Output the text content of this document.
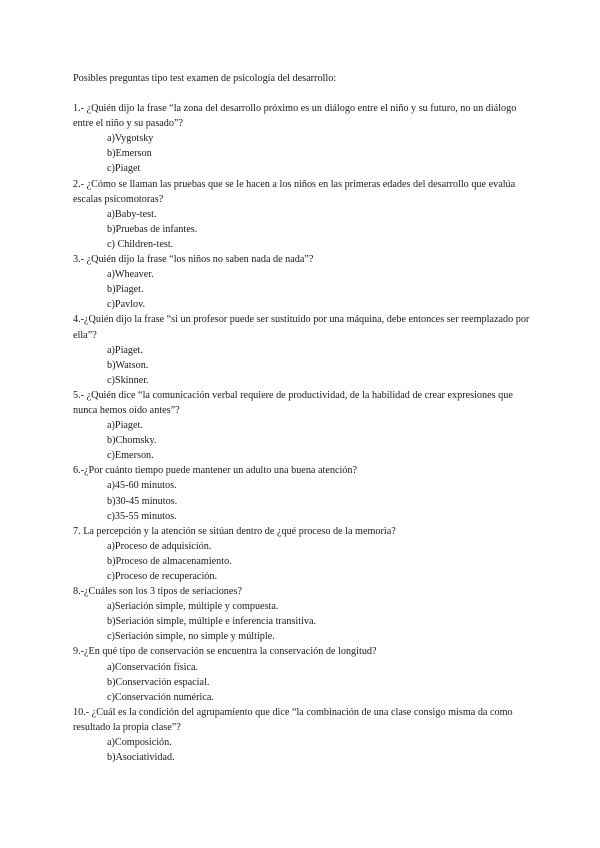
Posibles preguntas tipo test examen de psicología del desarrollo:

1.- ¿Quién dijo la frase “la zona del desarrollo próximo es un diálogo entre el niño y su futuro, no un diálogo entre el niño y su pasado”?

a)Vygotsky
b)Emerson
c)Piaget

2.- ¿Cómo se llaman las pruebas que se le hacen a los niños en las primeras edades del desarrollo que evalúa escalas psicomotoras?

a)Baby-test.
b)Pruebas de infantes.
c) Children-test.

3.- ¿Quién dijo la frase “los niños no saben nada de nada”?

a)Wheaver.
b)Piaget.
c)Pavlov.

4.-¿Quién dijo la frase “si un profesor puede ser sustituido por una máquina, debe entonces ser reemplazado por ella”?

a)Piaget.
b)Watson.
c)Skinner.

5.- ¿Quién dice “la comunicación verbal requiere de productividad, de la habilidad de crear expresiones que nunca hemos oído antes”?

a)Piaget.
b)Chomsky.
c)Emerson.

6.-¿Por cuánto tiempo puede mantener un adulto una buena atención?

a)45-60 minutos.
b)30-45 minutos.
c)35-55 minutos.

7. La percepción y la atención se sitúan dentro de ¿qué proceso de la memoria?

a)Proceso de adquisición.
b)Proceso de almacenamiento.
c)Proceso de recuperación.

8.-¿Cuáles son los 3 tipos de seriaciones?

a)Seriación simple, múltiple y compuesta.
b)Seriación simple, múltiple e inferencia transitiva.
c)Seriación simple, no simple y múltiple.

9.-¿En qué tipo de conservación se encuentra la conservación de longitud?

a)Conservación física.
b)Conservación espacial.
c)Conservación numérica.

10.- ¿Cuál es la condición del agrupamiento que dice “la combinación de una clase consigo misma da como resultado la propia clase”?

a)Composición.
b)Asociatividad.
